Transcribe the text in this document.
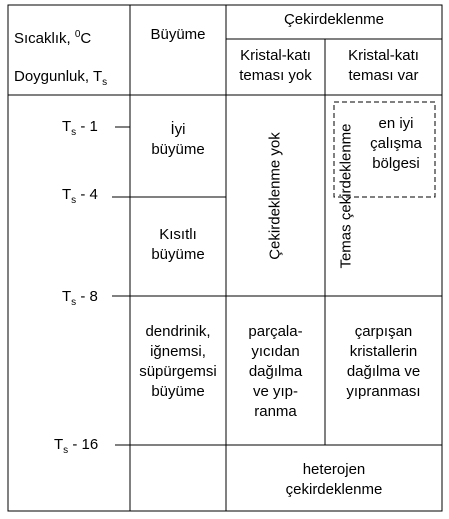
Sıcaklık, $^0$C
Doygunluk, $T_s$
Büyüme
Çekirdeklenme
Kristal-katı
teması yok
Kristal-katı
teması var
$T_s - 1$
$T_s - 4$
$T_s - 8$
$T_s - 16$
İyi
büyüme
Kısıtlı
büyüme
dendrinik,
iğnemsi,
süpürgemsi
büyüme
Çekirdeklenme yok	Temas çekirdeklenme	en iyi
çalışma
bölgesi
parçala-
yıcıdan
dağılma
ve yıp-
ranma
çarpışan
kristallerin
dağılma ve
yıpranması
heterojen
çekirdeklenme
